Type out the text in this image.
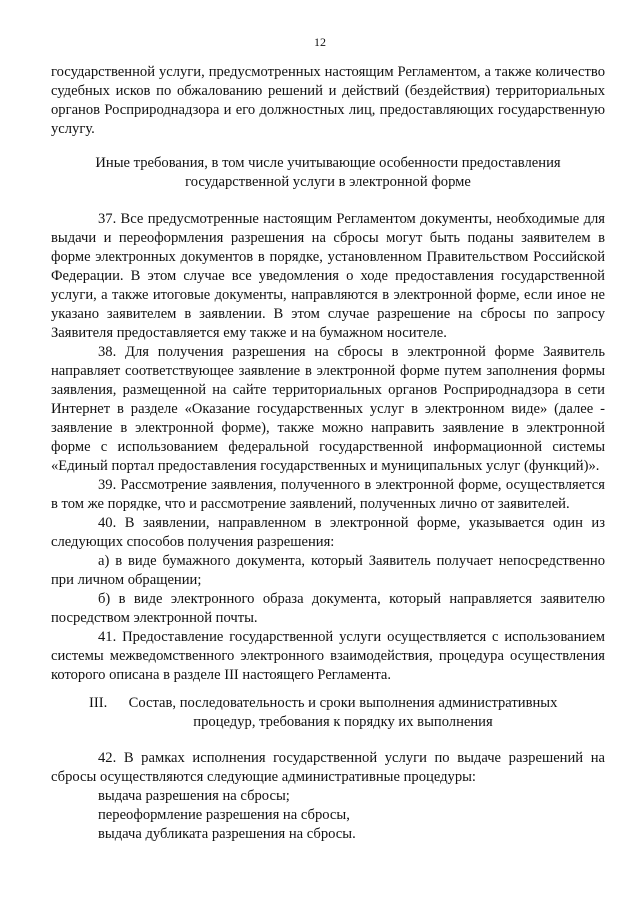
12

государственной услуги, предусмотренных настоящим Регламентом, а также количество судебных исков по обжалованию решений и действий (бездействия) территориальных органов Росприроднадзора и его должностных лиц, предоставляющих государственную услугу.

Иные требования, в том числе учитывающие особенности предоставления

государственной услуги в электронной форме

37. Все предусмотренные настоящим Регламентом документы, необходимые для выдачи и переоформления разрешения на сбросы могут быть поданы заявителем в форме электронных документов в порядке, установленном Правительством Российской Федерации. В этом случае все уведомления о ходе предоставления государственной услуги, а также итоговые документы, направляются в электронной форме, если иное не указано заявителем в заявлении. В этом случае разрешение на сбросы по запросу Заявителя предоставляется ему также и на бумажном носителе.

38. Для получения разрешения на сбросы в электронной форме Заявитель направляет соответствующее заявление в электронной форме путем заполнения формы заявления, размещенной на сайте территориальных органов Росприроднадзора в сети Интернет в разделе «Оказание государственных услуг в электронном виде» (далее - заявление в электронной форме), также можно направить заявление в электронной форме с использованием федеральной государственной информационной системы «Единый портал предоставления государственных и муниципальных услуг (функций)».

39. Рассмотрение заявления, полученного в электронной форме, осуществляется в том же порядке, что и рассмотрение заявлений, полученных лично от заявителей.

40. В заявлении, направленном в электронной форме, указывается один из следующих способов получения разрешения:

а) в виде бумажного документа, который Заявитель получает непосредственно при личном обращении;

б) в виде электронного образа документа, который направляется заявителю посредством электронной почты.

41. Предоставление государственной услуги осуществляется с использованием системы межведомственного электронного взаимодействия, процедура осуществления которого описана в разделе III настоящего Регламента.

III.	Состав, последовательность и сроки выполнения административных

процедур, требования к порядку их выполнения

42. В рамках исполнения государственной услуги по выдаче разрешений на сбросы осуществляются следующие административные процедуры:

выдача разрешения на сбросы;

переоформление разрешения на сбросы,

выдача дубликата разрешения на сбросы.
